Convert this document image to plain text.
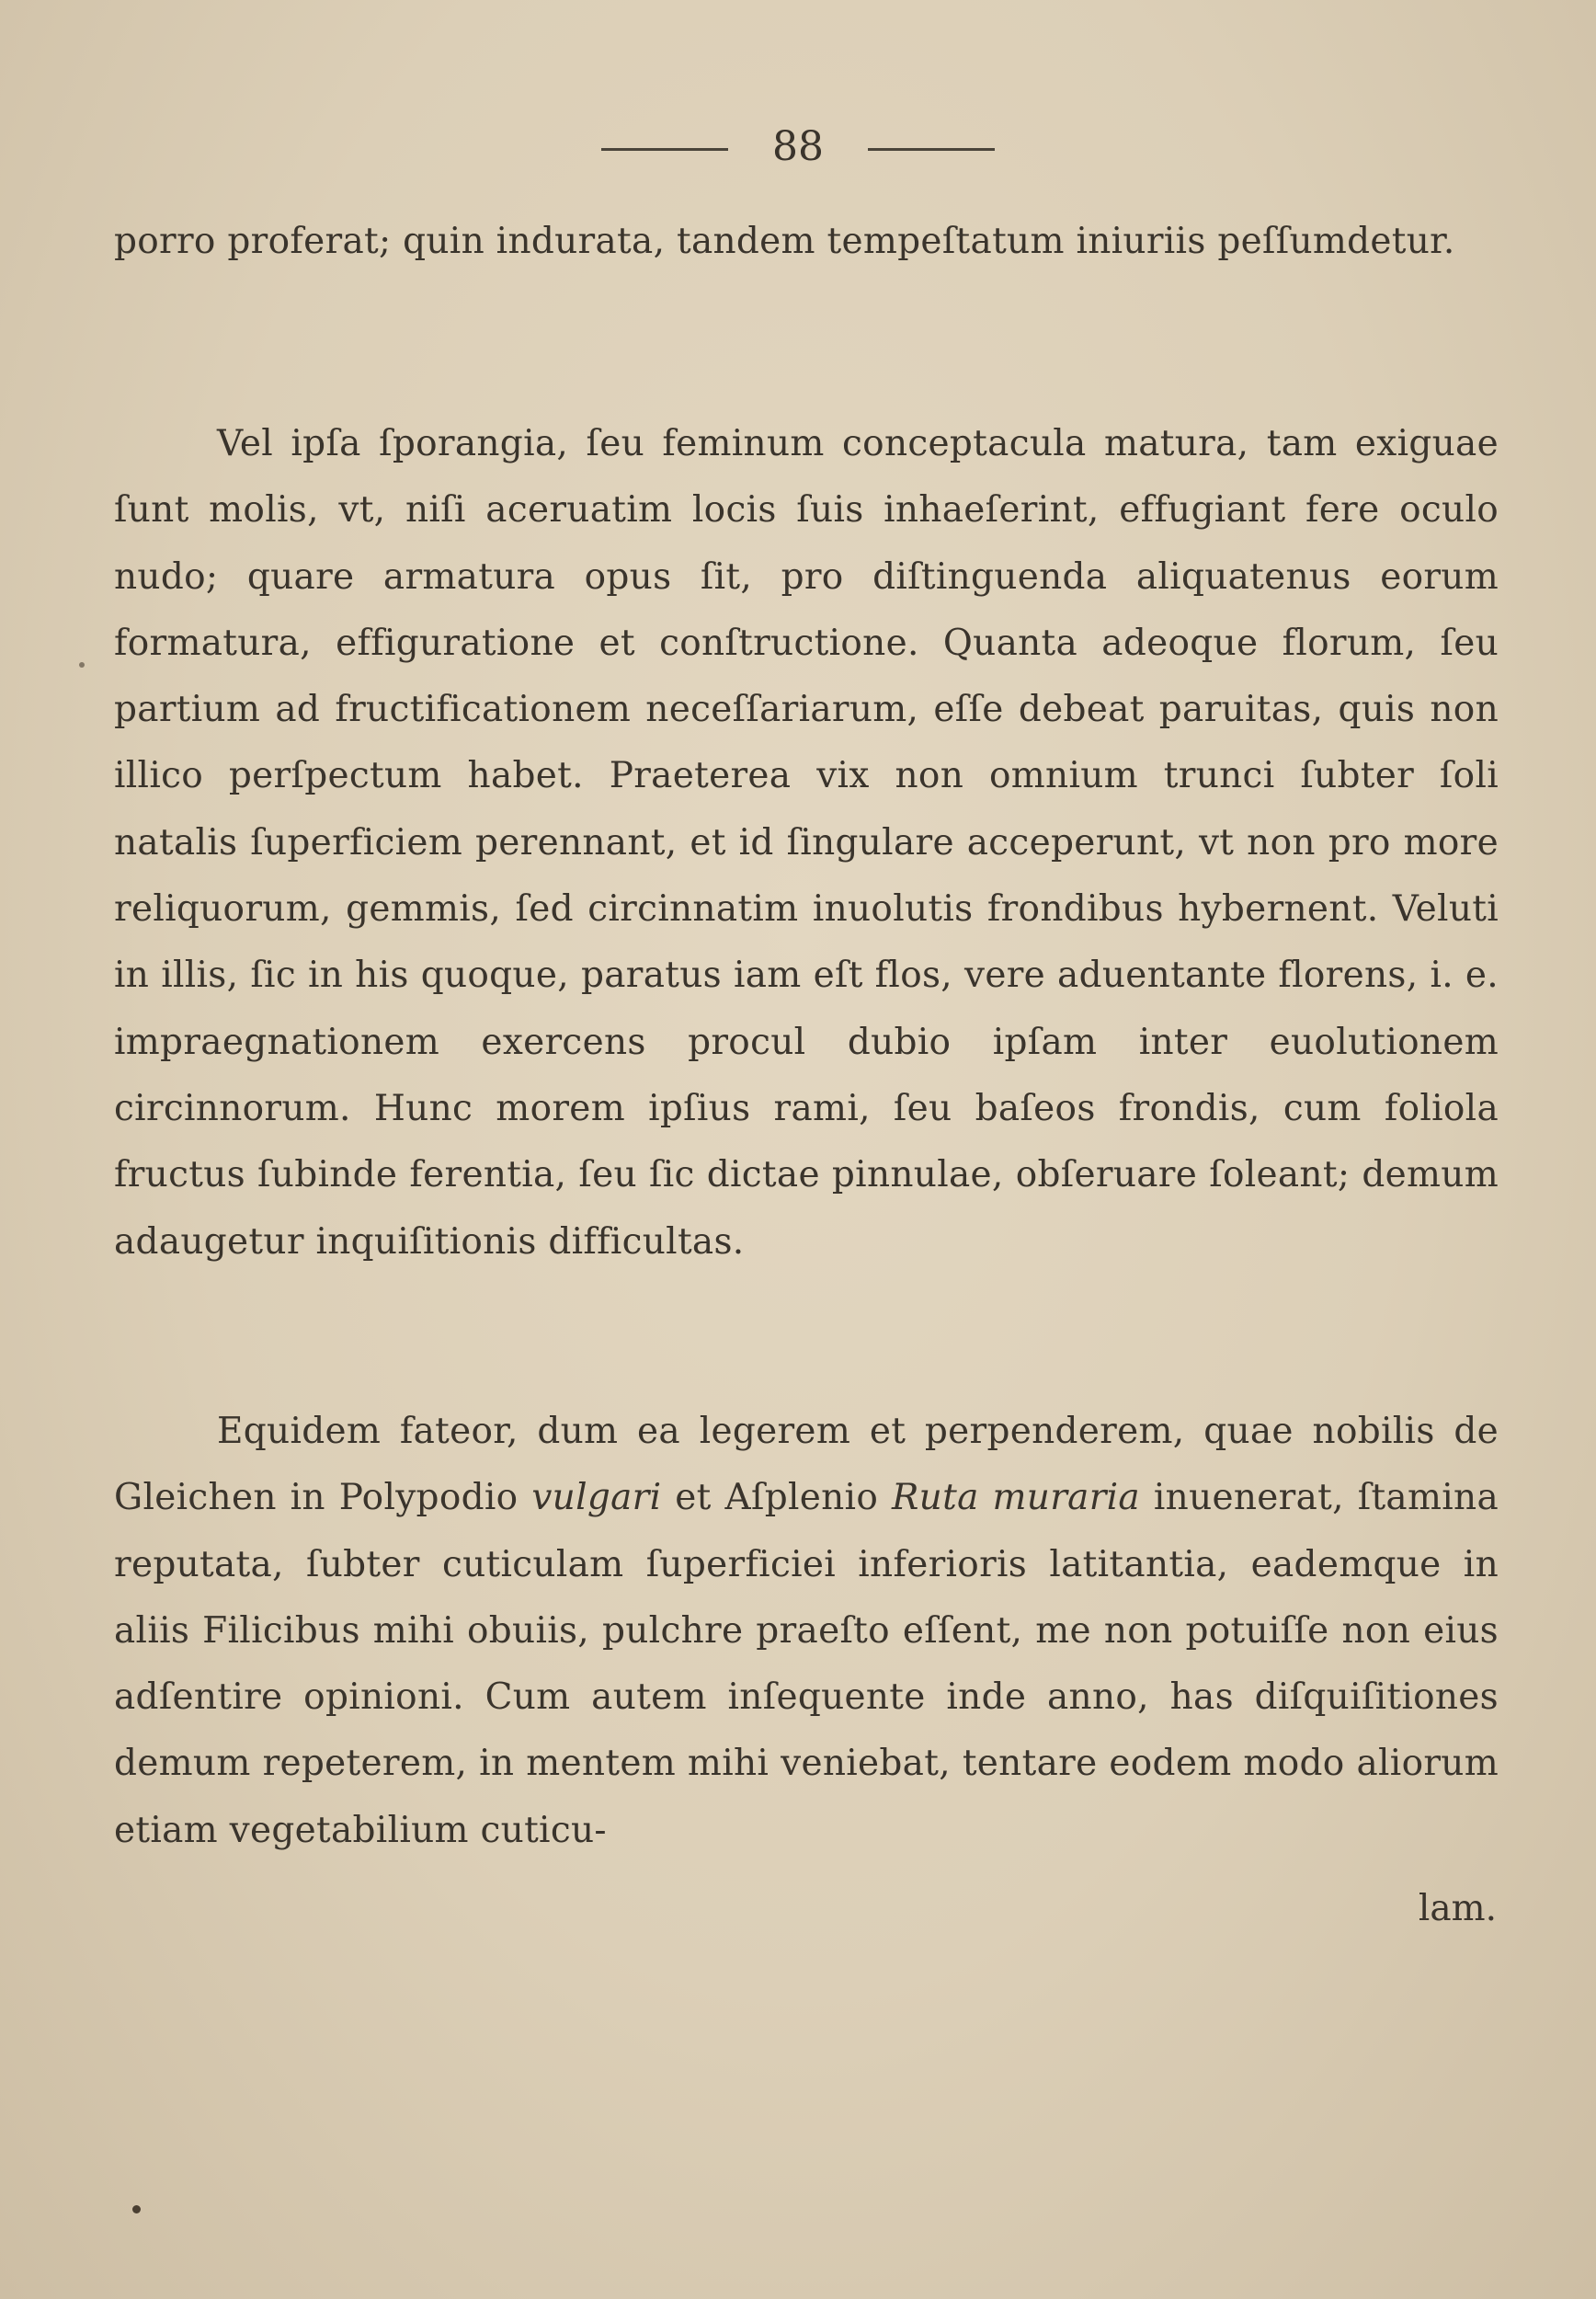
88
porro proferat; quin indurata, tandem tempeſtatum iniuriis peſſumdetur.
Vel ipſa ſporangia, ſeu feminum conceptacula matura, tam exiguae ſunt molis, vt, niſi aceruatim locis ſuis inhaeſerint, effugiant fere oculo nudo; quare armatura opus ſit, pro diſtinguenda aliquatenus eorum formatura, effiguratione et conſtructione. Quanta adeoque florum, ſeu partium ad fructificationem neceſſariarum, eſſe debeat paruitas, quis non illico perſpectum habet. Praeterea vix non omnium trunci ſubter ſoli natalis ſuperficiem perennant, et id ſingulare acceperunt, vt non pro more reliquorum, gemmis, ſed circinnatim inuolutis frondibus hybernent. Veluti in illis, ſic in his quoque, paratus iam eſt flos, vere aduentante florens, i. e. impraegnationem exercens procul dubio ipſam inter euolutionem circinnorum. Hunc morem ipſius rami, ſeu baſeos frondis, cum foliola fructus ſubinde ferentia, ſeu ſic dictae pinnulae, obſeruare ſoleant; demum adaugetur inquiſitionis difficultas.
Equidem fateor, dum ea legerem et perpenderem, quae nobilis de Gleichen in Polypodio vulgari et Aſplenio Ruta muraria inuenerat, ſtamina reputata, ſubter cuticulam ſuperficiei inferioris latitantia, eademque in aliis Filicibus mihi obuiis, pulchre praeſto eſſent, me non potuiſſe non eius adſentire opinioni. Cum autem inſequente inde anno, has diſquiſitiones demum repeterem, in mentem mihi veniebat, tentare eodem modo aliorum etiam vegetabilium cuticu-
lam.
